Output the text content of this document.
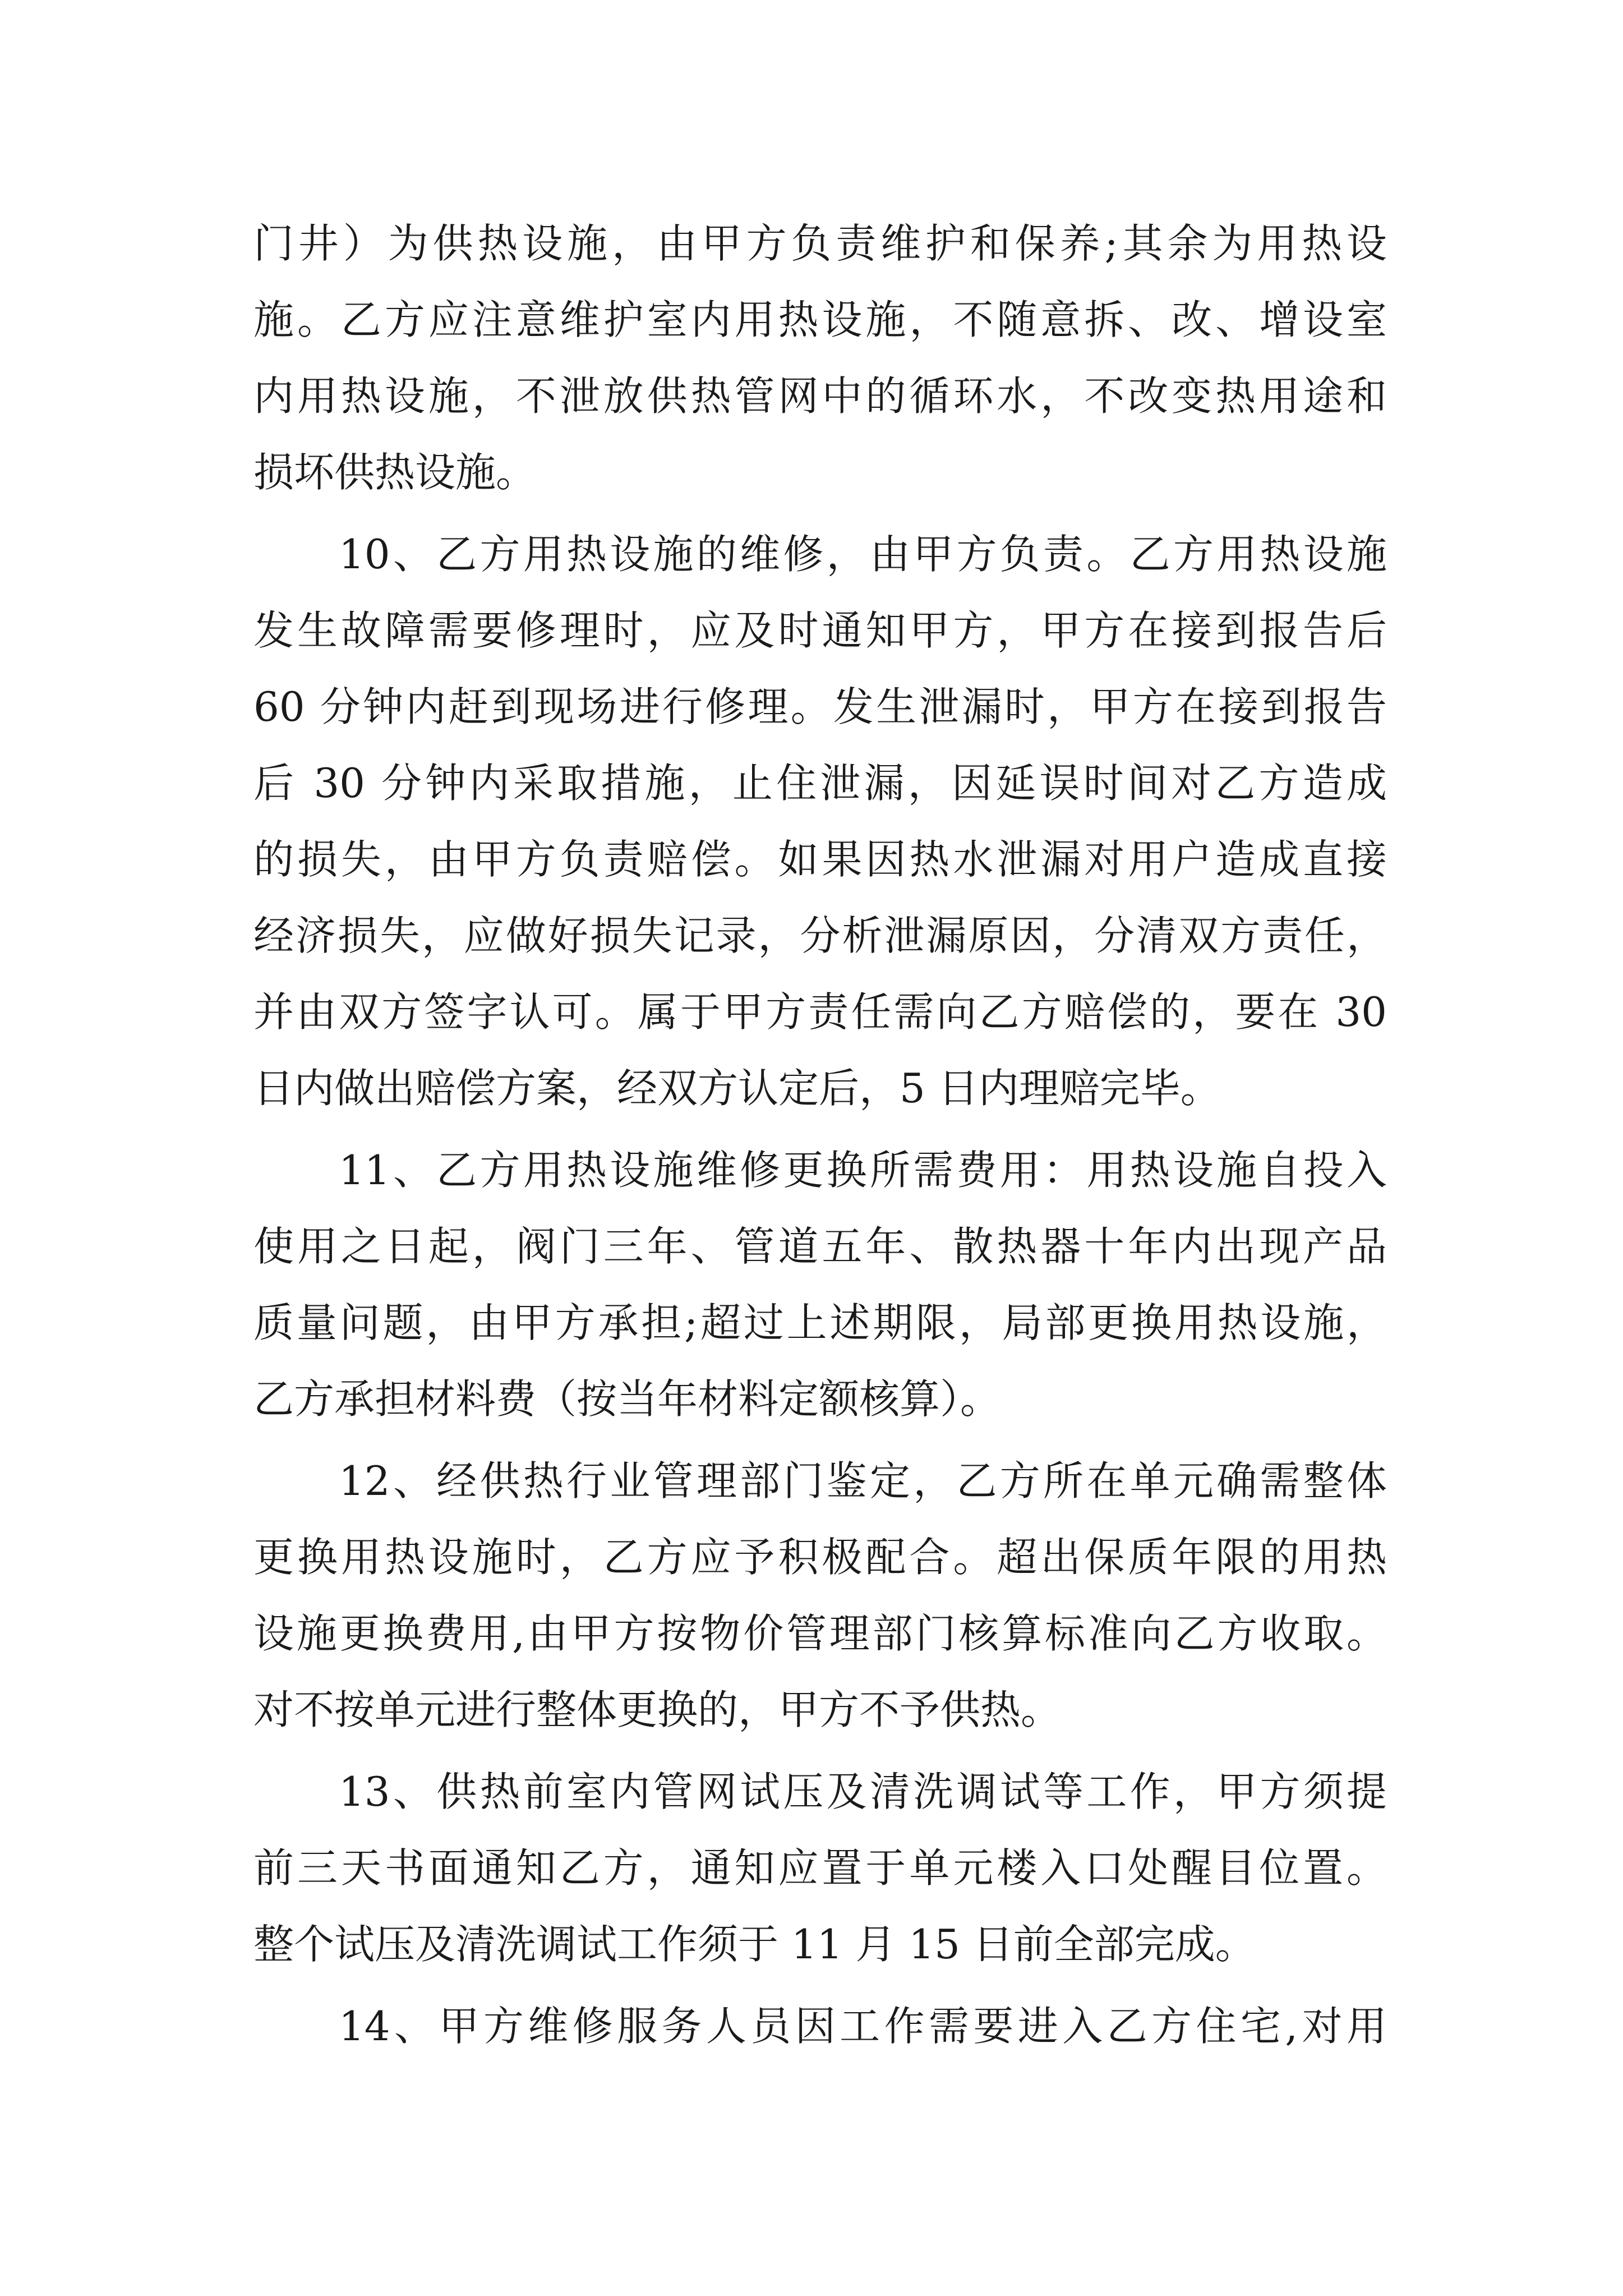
门井）为供热设施，由甲方负责维护和保养;其余为用热设
施。乙方应注意维护室内用热设施，不随意拆、改、增设室
内用热设施，不泄放供热管网中的循环水，不改变热用途和
损坏供热设施。
10、乙方用热设施的维修，由甲方负责。乙方用热设施
发生故障需要修理时，应及时通知甲方，甲方在接到报告后
60 分钟内赶到现场进行修理。发生泄漏时，甲方在接到报告
后 30 分钟内采取措施，止住泄漏，因延误时间对乙方造成
的损失，由甲方负责赔偿。如果因热水泄漏对用户造成直接
经济损失，应做好损失记录，分析泄漏原因，分清双方责任，
并由双方签字认可。属于甲方责任需向乙方赔偿的，要在 30
日内做出赔偿方案，经双方认定后，5 日内理赔完毕。
11、乙方用热设施维修更换所需费用：用热设施自投入
使用之日起，阀门三年、管道五年、散热器十年内出现产品
质量问题，由甲方承担;超过上述期限，局部更换用热设施，
乙方承担材料费（按当年材料定额核算）。
12、经供热行业管理部门鉴定，乙方所在单元确需整体
更换用热设施时，乙方应予积极配合。超出保质年限的用热
设施更换费用,由甲方按物价管理部门核算标准向乙方收取。
对不按单元进行整体更换的，甲方不予供热。
13、供热前室内管网试压及清洗调试等工作，甲方须提
前三天书面通知乙方，通知应置于单元楼入口处醒目位置。
整个试压及清洗调试工作须于 11 月 15 日前全部完成。
14、甲方维修服务人员因工作需要进入乙方住宅,对用
